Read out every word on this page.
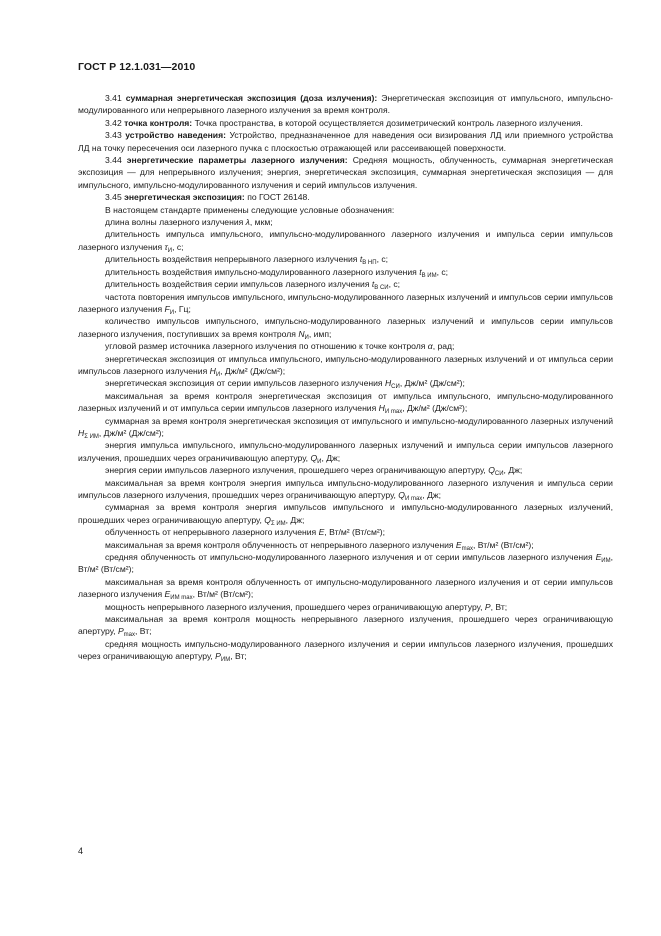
ГОСТ Р 12.1.031—2010

3.41 суммарная энергетическая экспозиция (доза излучения): Энергетическая экспозиция от импульсного, импульсно-модулированного или непрерывного лазерного излучения за время контроля.

3.42 точка контроля: Точка пространства, в которой осуществляется дозиметрический контроль лазерного излучения.

3.43 устройство наведения: Устройство, предназначенное для наведения оси визирования ЛД или приемного устройства ЛД на точку пересечения оси лазерного пучка с плоскостью отражающей или рассеивающей поверхности.

3.44 энергетические параметры лазерного излучения: Средняя мощность, облученность, суммарная энергетическая экспозиция — для непрерывного излучения; энергия, энергетическая экспозиция, суммарная энергетическая экспозиция — для импульсного, импульсно-модулированного излучения и серий импульсов излучения.

3.45 энергетическая экспозиция: по ГОСТ 26148.

В настоящем стандарте применены следующие условные обозначения:

длина волны лазерного излучения λ, мкм;

длительность импульса импульсного, импульсно-модулированного лазерного излучения и импульса серии импульсов лазерного излучения $\tau_И$, с;

длительность воздействия непрерывного лазерного излучения $t_{В НП}$, с;

длительность воздействия импульсно-модулированного лазерного излучения $t_{В ИМ}$, с;

длительность воздействия серии импульсов лазерного излучения $t_{В СИ}$, с;

частота повторения импульсов импульсного, импульсно-модулированного лазерных излучений и импульсов серии импульсов лазерного излучения $F_И$, Гц;

количество импульсов импульсного, импульсно-модулированного лазерных излучений и импульсов серии импульсов лазерного излучения, поступивших за время контроля $N_И$, имп;

угловой размер источника лазерного излучения по отношению к точке контроля α, рад;

энергетическая экспозиция от импульса импульсного, импульсно-модулированного лазерных излучений и от импульса серии импульсов лазерного излучения $H_И$, Дж/м² (Дж/см²);

энергетическая экспозиция от серии импульсов лазерного излучения $H_{СИ}$, Дж/м² (Дж/см²);

максимальная за время контроля энергетическая экспозиция от импульса импульсного, импульсно-модулированного лазерных излучений и от импульса серии импульсов лазерного излучения $H_{И max}$, Дж/м² (Дж/см²);

суммарная за время контроля энергетическая экспозиция от импульсного и импульсно-модулированного лазерных излучений $H_{\Sigma ИМ}$, Дж/м² (Дж/см²);

энергия импульса импульсного, импульсно-модулированного лазерных излучений и импульса серии импульсов лазерного излучения, прошедших через ограничивающую апертуру, $Q_И$, Дж;

энергия серии импульсов лазерного излучения, прошедшего через ограничивающую апертуру, $Q_{СИ}$, Дж;

максимальная за время контроля энергия импульса импульсно-модулированного лазерного излучения и импульса серии импульсов лазерного излучения, прошедших через ограничивающую апертуру, $Q_{И max}$, Дж;

суммарная за время контроля энергия импульсов импульсного и импульсно-модулированного лазерных излучений, прошедших через ограничивающую апертуру, $Q_{\Sigma ИМ}$, Дж;

облученность от непрерывного лазерного излучения E, Вт/м² (Вт/см²);

максимальная за время контроля облученность от непрерывного лазерного излучения $E_{max}$, Вт/м² (Вт/см²);

средняя облученность от импульсно-модулированного лазерного излучения и от серии импульсов лазерного излучения $E_{ИМ}$, Вт/м² (Вт/см²);

максимальная за время контроля облученность от импульсно-модулированного лазерного излучения и от серии импульсов лазерного излучения $E_{ИМ max}$, Вт/м² (Вт/см²);

мощность непрерывного лазерного излучения, прошедшего через ограничивающую апертуру, P, Вт;

максимальная за время контроля мощность непрерывного лазерного излучения, прошедшего через ограничивающую апертуру, $P_{max}$, Вт;

средняя мощность импульсно-модулированного лазерного излучения и серии импульсов лазерного излучения, прошедших через ограничивающую апертуру, $P_{ИМ}$, Вт;

4
